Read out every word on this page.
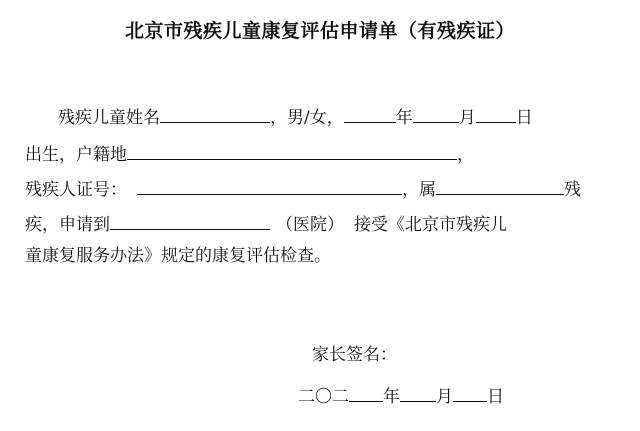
北京市残疾儿童康复评估申请单（有残疾证）
残疾儿童姓名	，男/女，	年	月 日
出生，户籍地	，
残疾人证号：	，属	残
疾，申请到	（医院） 接受《北京市残疾儿
童康复服务办法》规定的康复评估检查。
家长签名：
二〇二 年 月 日
